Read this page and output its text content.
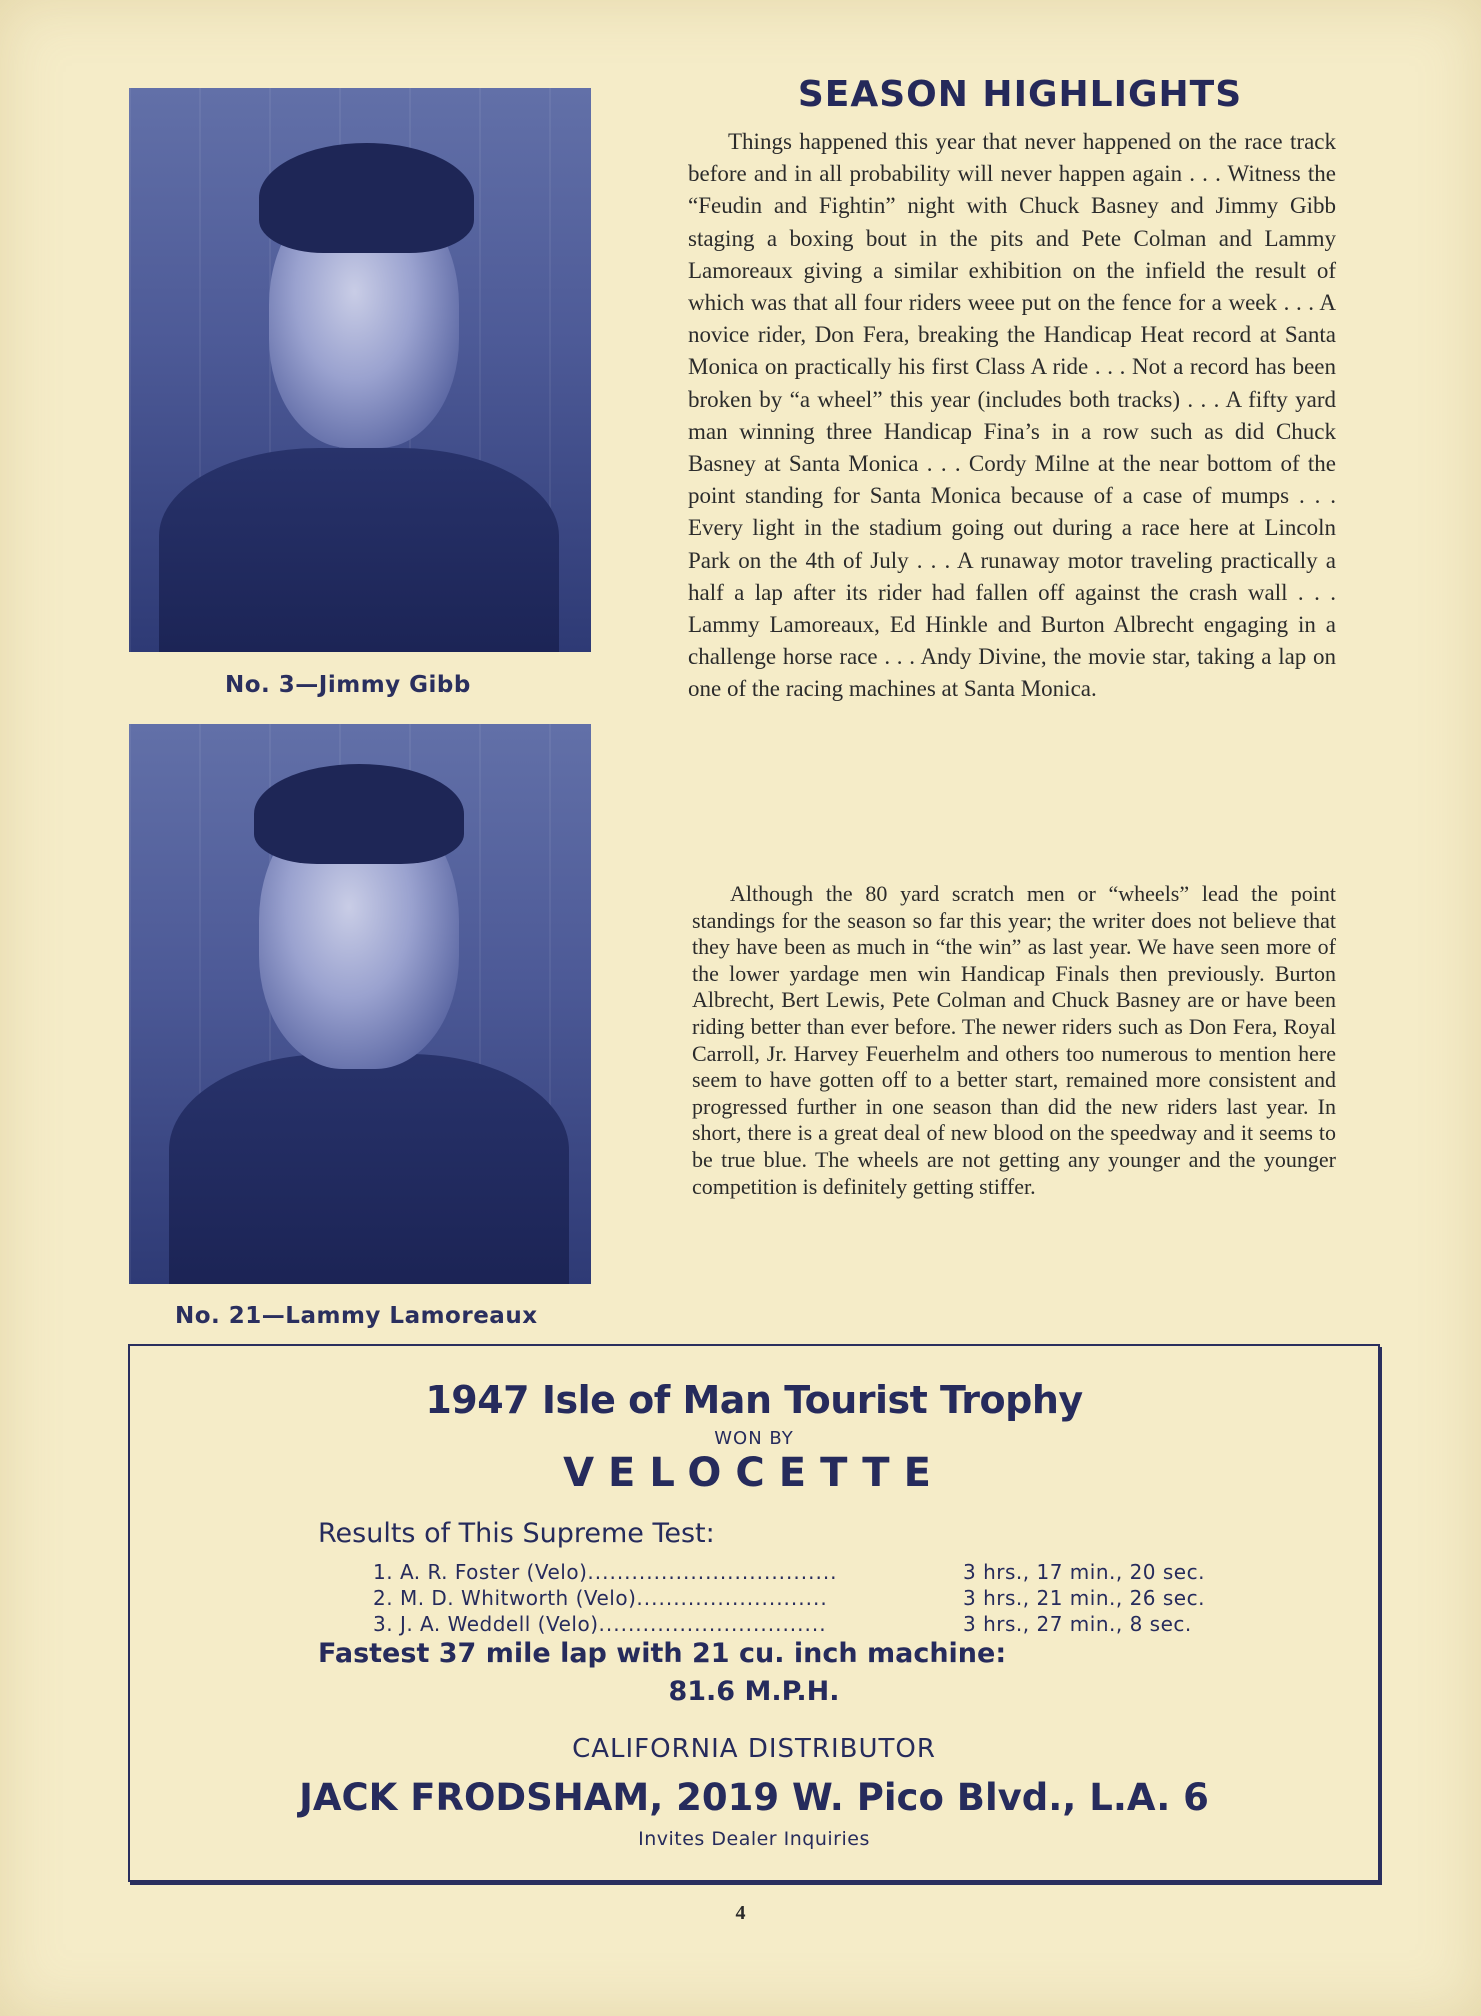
No. 3—Jimmy Gibb
No. 21—Lammy Lamoreaux
SEASON HIGHLIGHTS
Things happened this year that never happened on the race track before and in all probability will never happen again . . . Witness the “Feudin and Fightin” night with Chuck Basney and Jimmy Gibb staging a boxing bout in the pits and Pete Colman and Lammy Lamoreaux giving a similar exhibition on the infield the result of which was that all four riders weee put on the fence for a week . . . A novice rider, Don Fera, breaking the Handicap Heat record at Santa Monica on practically his first Class A ride . . . Not a record has been broken by “a wheel” this year (includes both tracks) . . . A fifty yard man winning three Handicap Fina’s in a row such as did Chuck Basney at Santa Monica . . . Cordy Milne at the near bottom of the point standing for Santa Monica because of a case of mumps . . . Every light in the stadium going out during a race here at Lincoln Park on the 4th of July . . . A runaway motor traveling practically a half a lap after its rider had fallen off against the crash wall . . . Lammy Lamoreaux, Ed Hinkle and Burton Albrecht engaging in a challenge horse race . . . Andy Divine, the movie star, taking a lap on one of the racing machines at Santa Monica.
Although the 80 yard scratch men or “wheels” lead the point standings for the season so far this year; the writer does not believe that they have been as much in “the win” as last year. We have seen more of the lower yardage men win Handicap Finals then previously. Burton Albrecht, Bert Lewis, Pete Colman and Chuck Basney are or have been riding better than ever before. The newer riders such as Don Fera, Royal Carroll, Jr. Harvey Feuerhelm and others too numerous to mention here seem to have gotten off to a better start, remained more consistent and progressed further in one season than did the new riders last year. In short, there is a great deal of new blood on the speedway and it seems to be true blue. The wheels are not getting any younger and the younger competition is definitely getting stiffer.
1947 Isle of Man Tourist Trophy
WON BY
VELOCETTE
Results of This Supreme Test:
1. A. R. Foster (Velo)..................................	3 hrs., 17 min., 20 sec.
2. M. D. Whitworth (Velo)..........................	3 hrs., 21 min., 26 sec.
3. J. A. Weddell (Velo)...............................	3 hrs., 27 min., 8 sec.
Fastest 37 mile lap with 21 cu. inch machine:
81.6 M.P.H.
CALIFORNIA DISTRIBUTOR
JACK FRODSHAM, 2019 W. Pico Blvd., L.A. 6
Invites Dealer Inquiries
4
